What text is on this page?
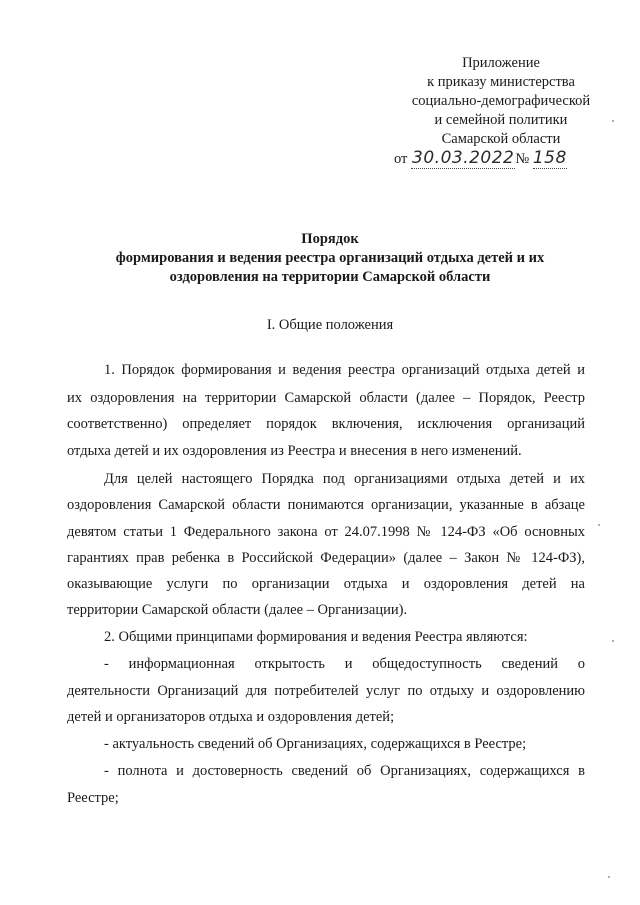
Приложение
к приказу министерства
социально-демографической
и семейной политики
Самарской области
от 30.03.2022№ 158
Порядок
формирования и ведения реестра организаций отдыха детей и их
оздоровления на территории Самарской области
I. Общие положения
1. Порядок формирования и ведения реестра организаций отдыха детей и
их оздоровления на территории Самарской области (далее – Порядок, Реестр
соответственно) определяет порядок включения, исключения организаций
отдыха детей и их оздоровления из Реестра и внесения в него изменений.
Для целей настоящего Порядка под организациями отдыха детей и их
оздоровления Самарской области понимаются организации, указанные в абзаце
девятом статьи 1 Федерального закона от 24.07.1998 № 124-ФЗ «Об основных
гарантиях прав ребенка в Российской Федерации» (далее – Закон № 124-ФЗ),
оказывающие услуги по организации отдыха и оздоровления детей на
территории Самарской области (далее – Организации).
2. Общими принципами формирования и ведения Реестра являются:
- информационная открытость и общедоступность сведений о
деятельности Организаций для потребителей услуг по отдыху и оздоровлению
детей и организаторов отдыха и оздоровления детей;
- актуальность сведений об Организациях, содержащихся в Реестре;
- полнота и достоверность сведений об Организациях, содержащихся в
Реестре;
